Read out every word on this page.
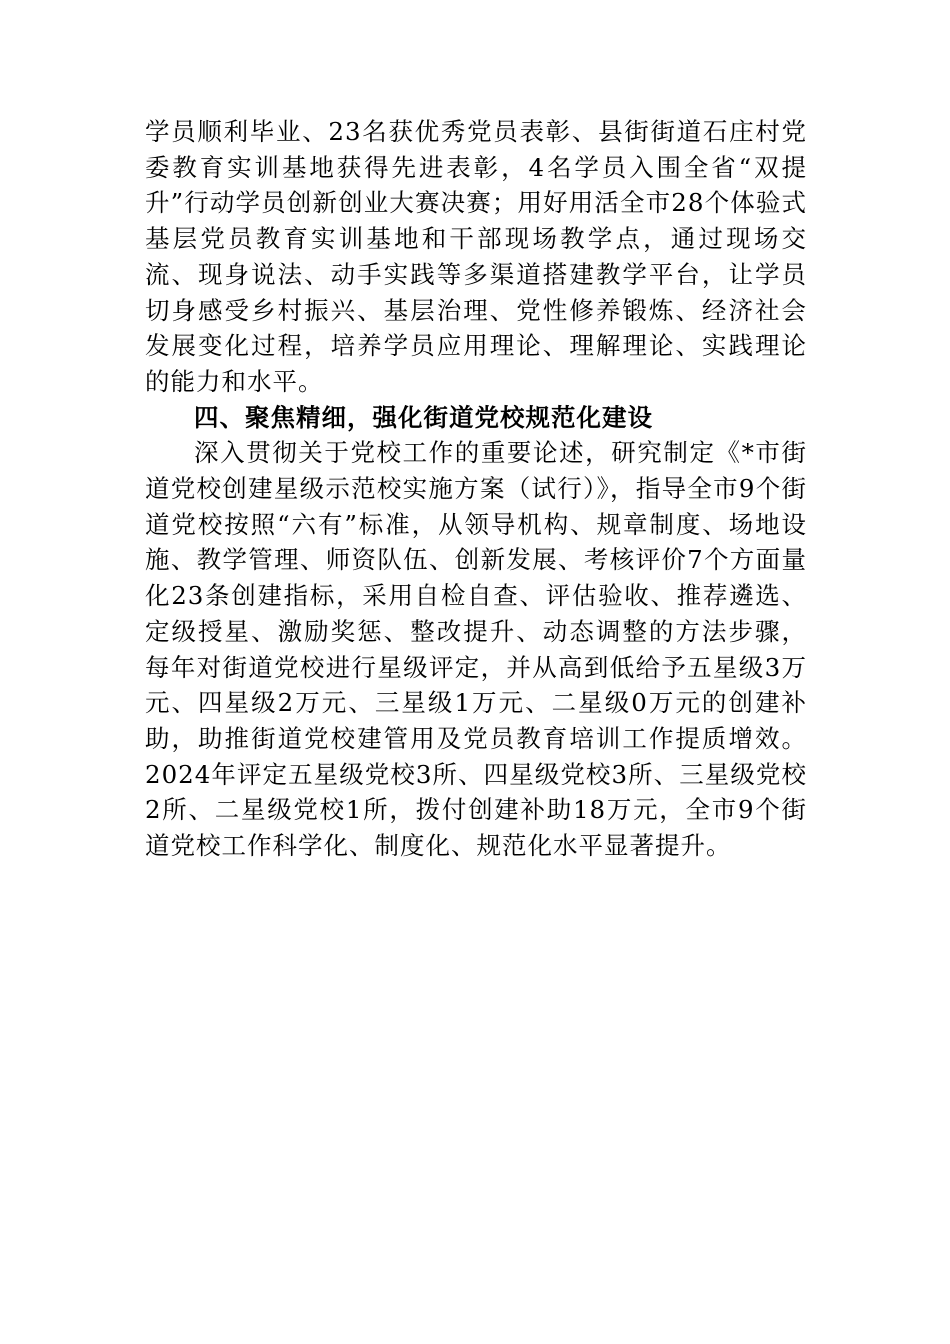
学员顺利毕业、23名获优秀党员表彰、县街街道石庄村党委教育实训基地获得先进表彰，4名学员入围全省“双提升”行动学员创新创业大赛决赛；用好用活全市28个体验式基层党员教育实训基地和干部现场教学点，通过现场交流、现身说法、动手实践等多渠道搭建教学平台，让学员切身感受乡村振兴、基层治理、党性修养锻炼、经济社会发展变化过程，培养学员应用理论、理解理论、实践理论的能力和水平。

四、聚焦精细，强化街道党校规范化建设

深入贯彻关于党校工作的重要论述，研究制定《*市街道党校创建星级示范校实施方案（试行）》，指导全市9个街道党校按照“六有”标准，从领导机构、规章制度、场地设施、教学管理、师资队伍、创新发展、考核评价7个方面量化23条创建指标，采用自检自查、评估验收、推荐遴选、定级授星、激励奖惩、整改提升、动态调整的方法步骤，每年对街道党校进行星级评定，并从高到低给予五星级3万元、四星级2万元、三星级1万元、二星级0万元的创建补助，助推街道党校建管用及党员教育培训工作提质增效。2024年评定五星级党校3所、四星级党校3所、三星级党校2所、二星级党校1所，拨付创建补助18万元，全市9个街道党校工作科学化、制度化、规范化水平显著提升。
